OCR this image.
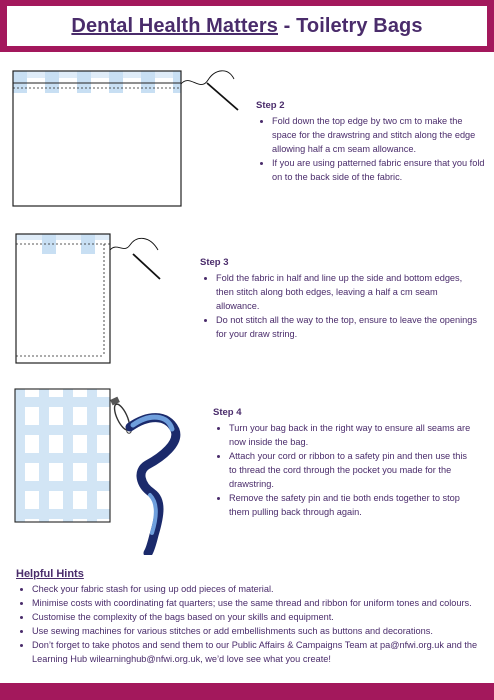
Dental Health Matters - Toiletry Bags
Step 2
• Fold down the top edge by two cm to make the space for the drawstring and stitch along the edge allowing half a cm seam allowance.
• If you are using patterned fabric ensure that you fold on to the back side of the fabric.
Step 3
• Fold the fabric in half and line up the side and bottom edges, then stitch along both edges, leaving a half a cm seam allowance.
• Do not stitch all the way to the top, ensure to leave the openings for your draw string.
Step 4
• Turn your bag back in the right way to ensure all seams are now inside the bag.
• Attach your cord or ribbon to a safety pin and then use this to thread the cord through the pocket you made for the drawstring.
• Remove the safety pin and tie both ends together to stop them pulling back through again.
Helpful Hints
• Check your fabric stash for using up odd pieces of material.
• Minimise costs with coordinating fat quarters; use the same thread and ribbon for uniform tones and colours.
• Customise the complexity of the bags based on your skills and equipment.
• Use sewing machines for various stitches or add embellishments such as buttons and decorations.
• Don’t forget to take photos and send them to our Public Affairs & Campaigns Team at pa@nfwi.org.uk and the Learning Hub wilearninghub@nfwi.org.uk, we’d love see what you create!
